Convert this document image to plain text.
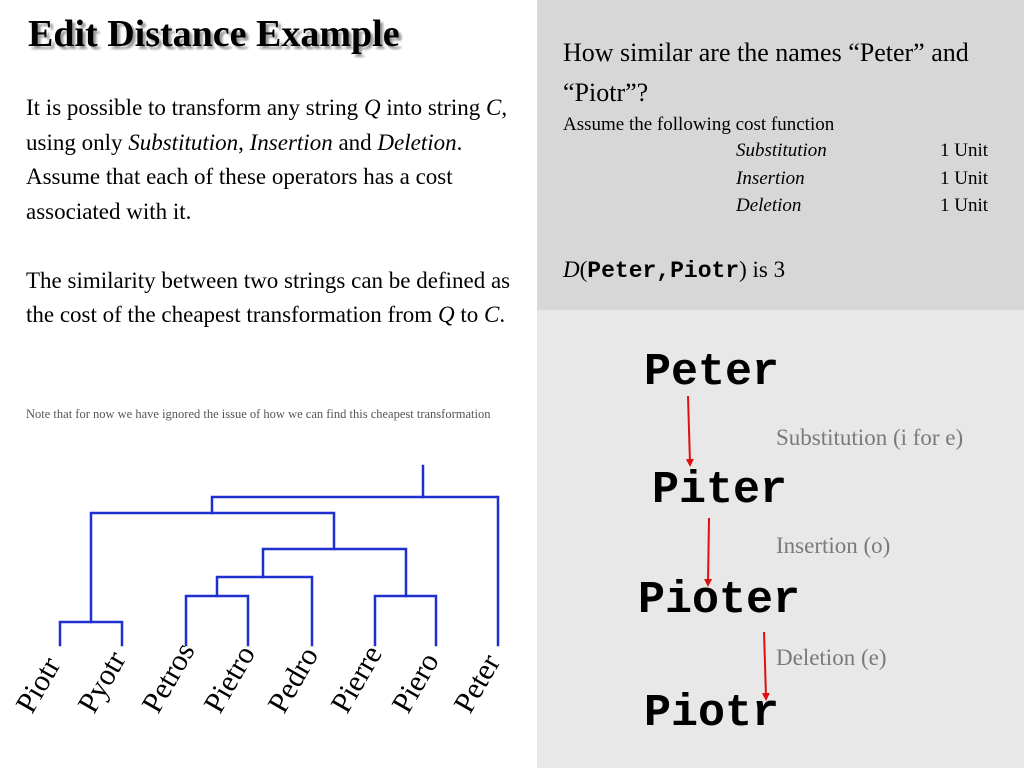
Edit Distance Example

It is possible to transform any string Q into string C, using only Substitution, Insertion and Deletion.

Assume that each of these operators has a cost associated with it.

The similarity between two strings can be defined as the cost of the cheapest transformation from Q to C.

Note that for now we have ignored the issue of how we can find this cheapest transformation
How similar are the names “Peter” and “Piotr”?
Assume the following cost function
Substitution	1 Unit
Insertion	1 Unit
Deletion	1 Unit
D(Peter,Piotr) is 3
Peter
Piter
Pioter
Piotr
Substitution (i for e)
Insertion (o)
Deletion (e)
Piotr Pyotr Petros
Pietro Pedro Pierre
Piero Peter
